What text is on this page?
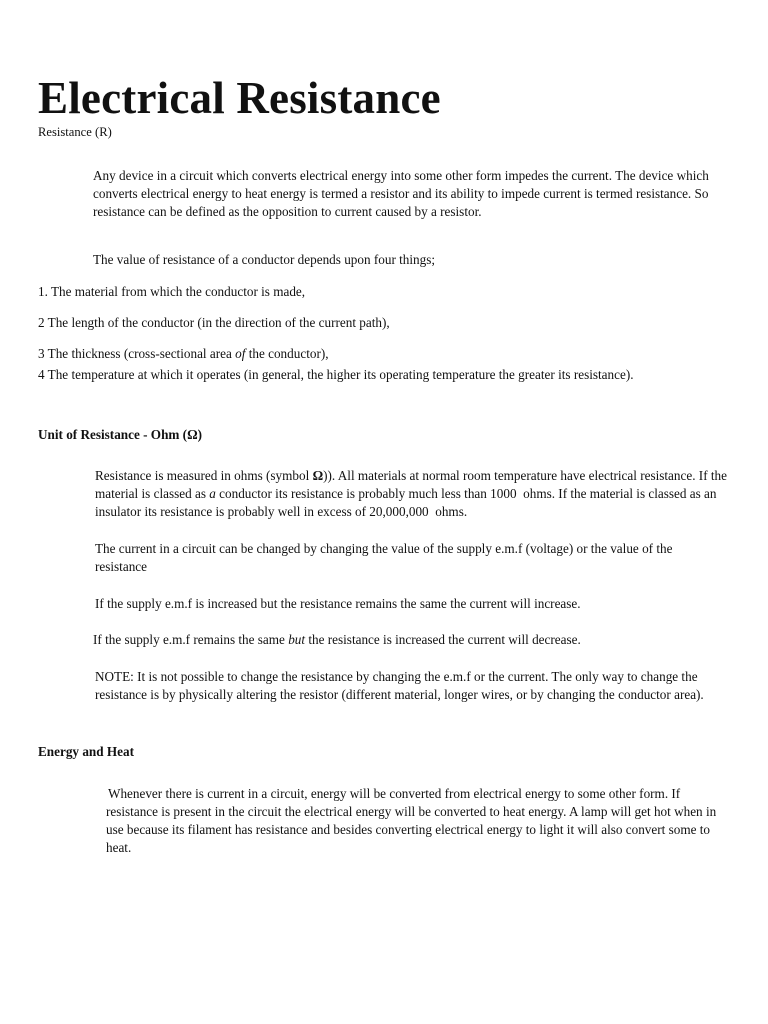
Electrical Resistance
Resistance (R)

Any device in a circuit which converts electrical energy into some other form impedes the current. The device which converts electrical energy to heat energy is termed a resistor and its ability to impede current is termed resistance. So resistance can be defined as the opposition to current caused by a resistor.

The value of resistance of a conductor depends upon four things;

1. The material from which the conductor is made,

2 The length of the conductor (in the direction of the current path),

3 The thickness (cross-sectional area of the conductor),

4 The temperature at which it operates (in general, the higher its operating temperature the greater its resistance).

Unit of Resistance - Ohm (Ω)

Resistance is measured in ohms (symbol Ω)). All materials at normal room temperature have electrical resistance. If the material is classed as a conductor its resistance is probably much less than 1000  ohms. If the material is classed as an insulator its resistance is probably well in excess of 20,000,000  ohms.

The current in a circuit can be changed by changing the value of the supply e.m.f (voltage) or the value of the resistance

If the supply e.m.f is increased but the resistance remains the same the current will increase.

If the supply e.m.f remains the same but the resistance is increased the current will decrease.

NOTE: It is not possible to change the resistance by changing the e.m.f or the current. The only way to change the resistance is by physically altering the resistor (different material, longer wires, or by changing the conductor area).

Energy and Heat

Whenever there is current in a circuit, energy will be converted from electrical energy to some other form. If resistance is present in the circuit the electrical energy will be converted to heat energy. A lamp will get hot when in use because its filament has resistance and besides converting electrical energy to light it will also convert some to heat.
